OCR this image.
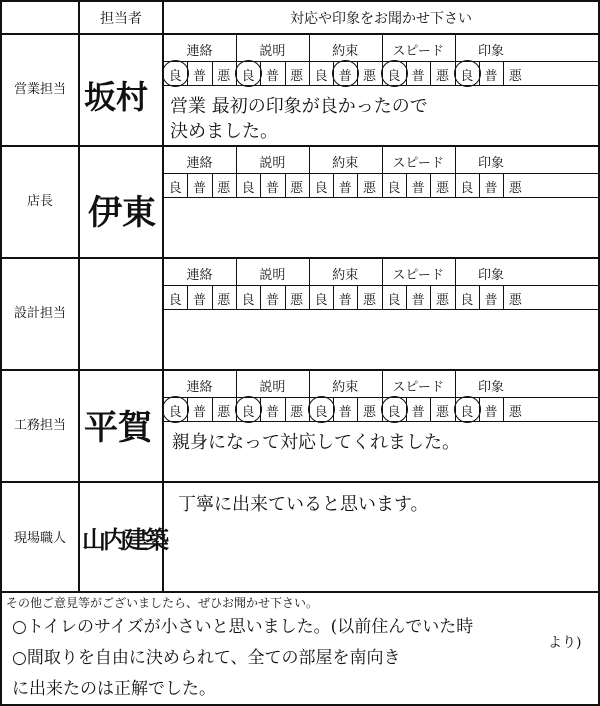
担当者	対応や印象をお聞かせ下さい
営業担当 坂村 営業 最初の印象が良かったので
決めました。
店長	伊東
設計担当
工務担当 平賀 親身になって対応してくれました。
現場職人 山内建築
丁寧に出来ていると思います。
連絡
良 普 悪
説明
良 普 悪
約束
良 普 悪
スピード
良 普 悪
印象
良 普 悪
連絡
良 普 悪
説明
良 普 悪
約束
良 普 悪
スピード
良 普 悪
印象
良 普 悪
連絡
良 普 悪
説明
良 普 悪
約束
良 普 悪
スピード
良 普 悪
印象
良 普 悪
連絡
良 普 悪
説明
良 普 悪
約束
良 普 悪
スピード
良 普 悪
印象
良 普 悪
その他ご意見等がございましたら、ぜひお聞かせ下さい。
○トイレのサイズが小さいと思いました。(以前住んでいた時
より)
○間取りを自由に決められて、全ての部屋を南向き
に出来たのは正解でした。
